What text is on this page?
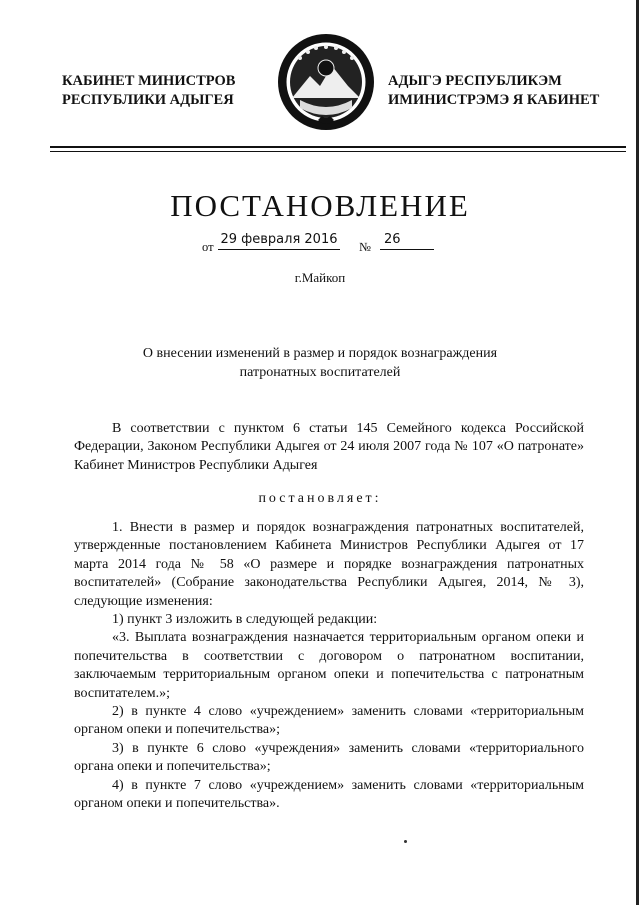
КАБИНЕТ МИНИСТРОВ
РЕСПУБЛИКИ АДЫГЕЯ
АДЫГЭ РЕСПУБЛИКЭМ
ИМИНИСТРЭМЭ Я КАБИНЕТ
ПОСТАНОВЛЕНИЕ
от 29 февраля 2016 №	26
г.Майкоп
О внесении изменений в размер и порядок вознаграждения
патронатных воспитателей
В соответствии с пунктом 6 статьи 145 Семейного кодекса Российской Федерации, Законом Республики Адыгея от 24 июля 2007 года № 107 «О патронате» Кабинет Министров Республики Адыгея
постановляет:

1. Внести в размер и порядок вознаграждения патронатных воспитателей, утвержденные постановлением Кабинета Министров Республики Адыгея от 17 марта 2014 года № 58 «О размере и порядке вознаграждения патронатных воспитателей» (Собрание законодательства Республики Адыгея, 2014, № 3), следующие изменения:

1) пункт 3 изложить в следующей редакции:

«3. Выплата вознаграждения назначается территориальным органом опеки и попечительства в соответствии с договором о патронатном воспитании, заключаемым территориальным органом опеки и попечительства с патронатным воспитателем.»;

2) в пункте 4 слово «учреждением» заменить словами «территориальным органом опеки и попечительства»;

3) в пункте 6 слово «учреждения» заменить словами «территориального органа опеки и попечительства»;

4) в пункте 7 слово «учреждением» заменить словами «территориальным органом опеки и попечительства».
